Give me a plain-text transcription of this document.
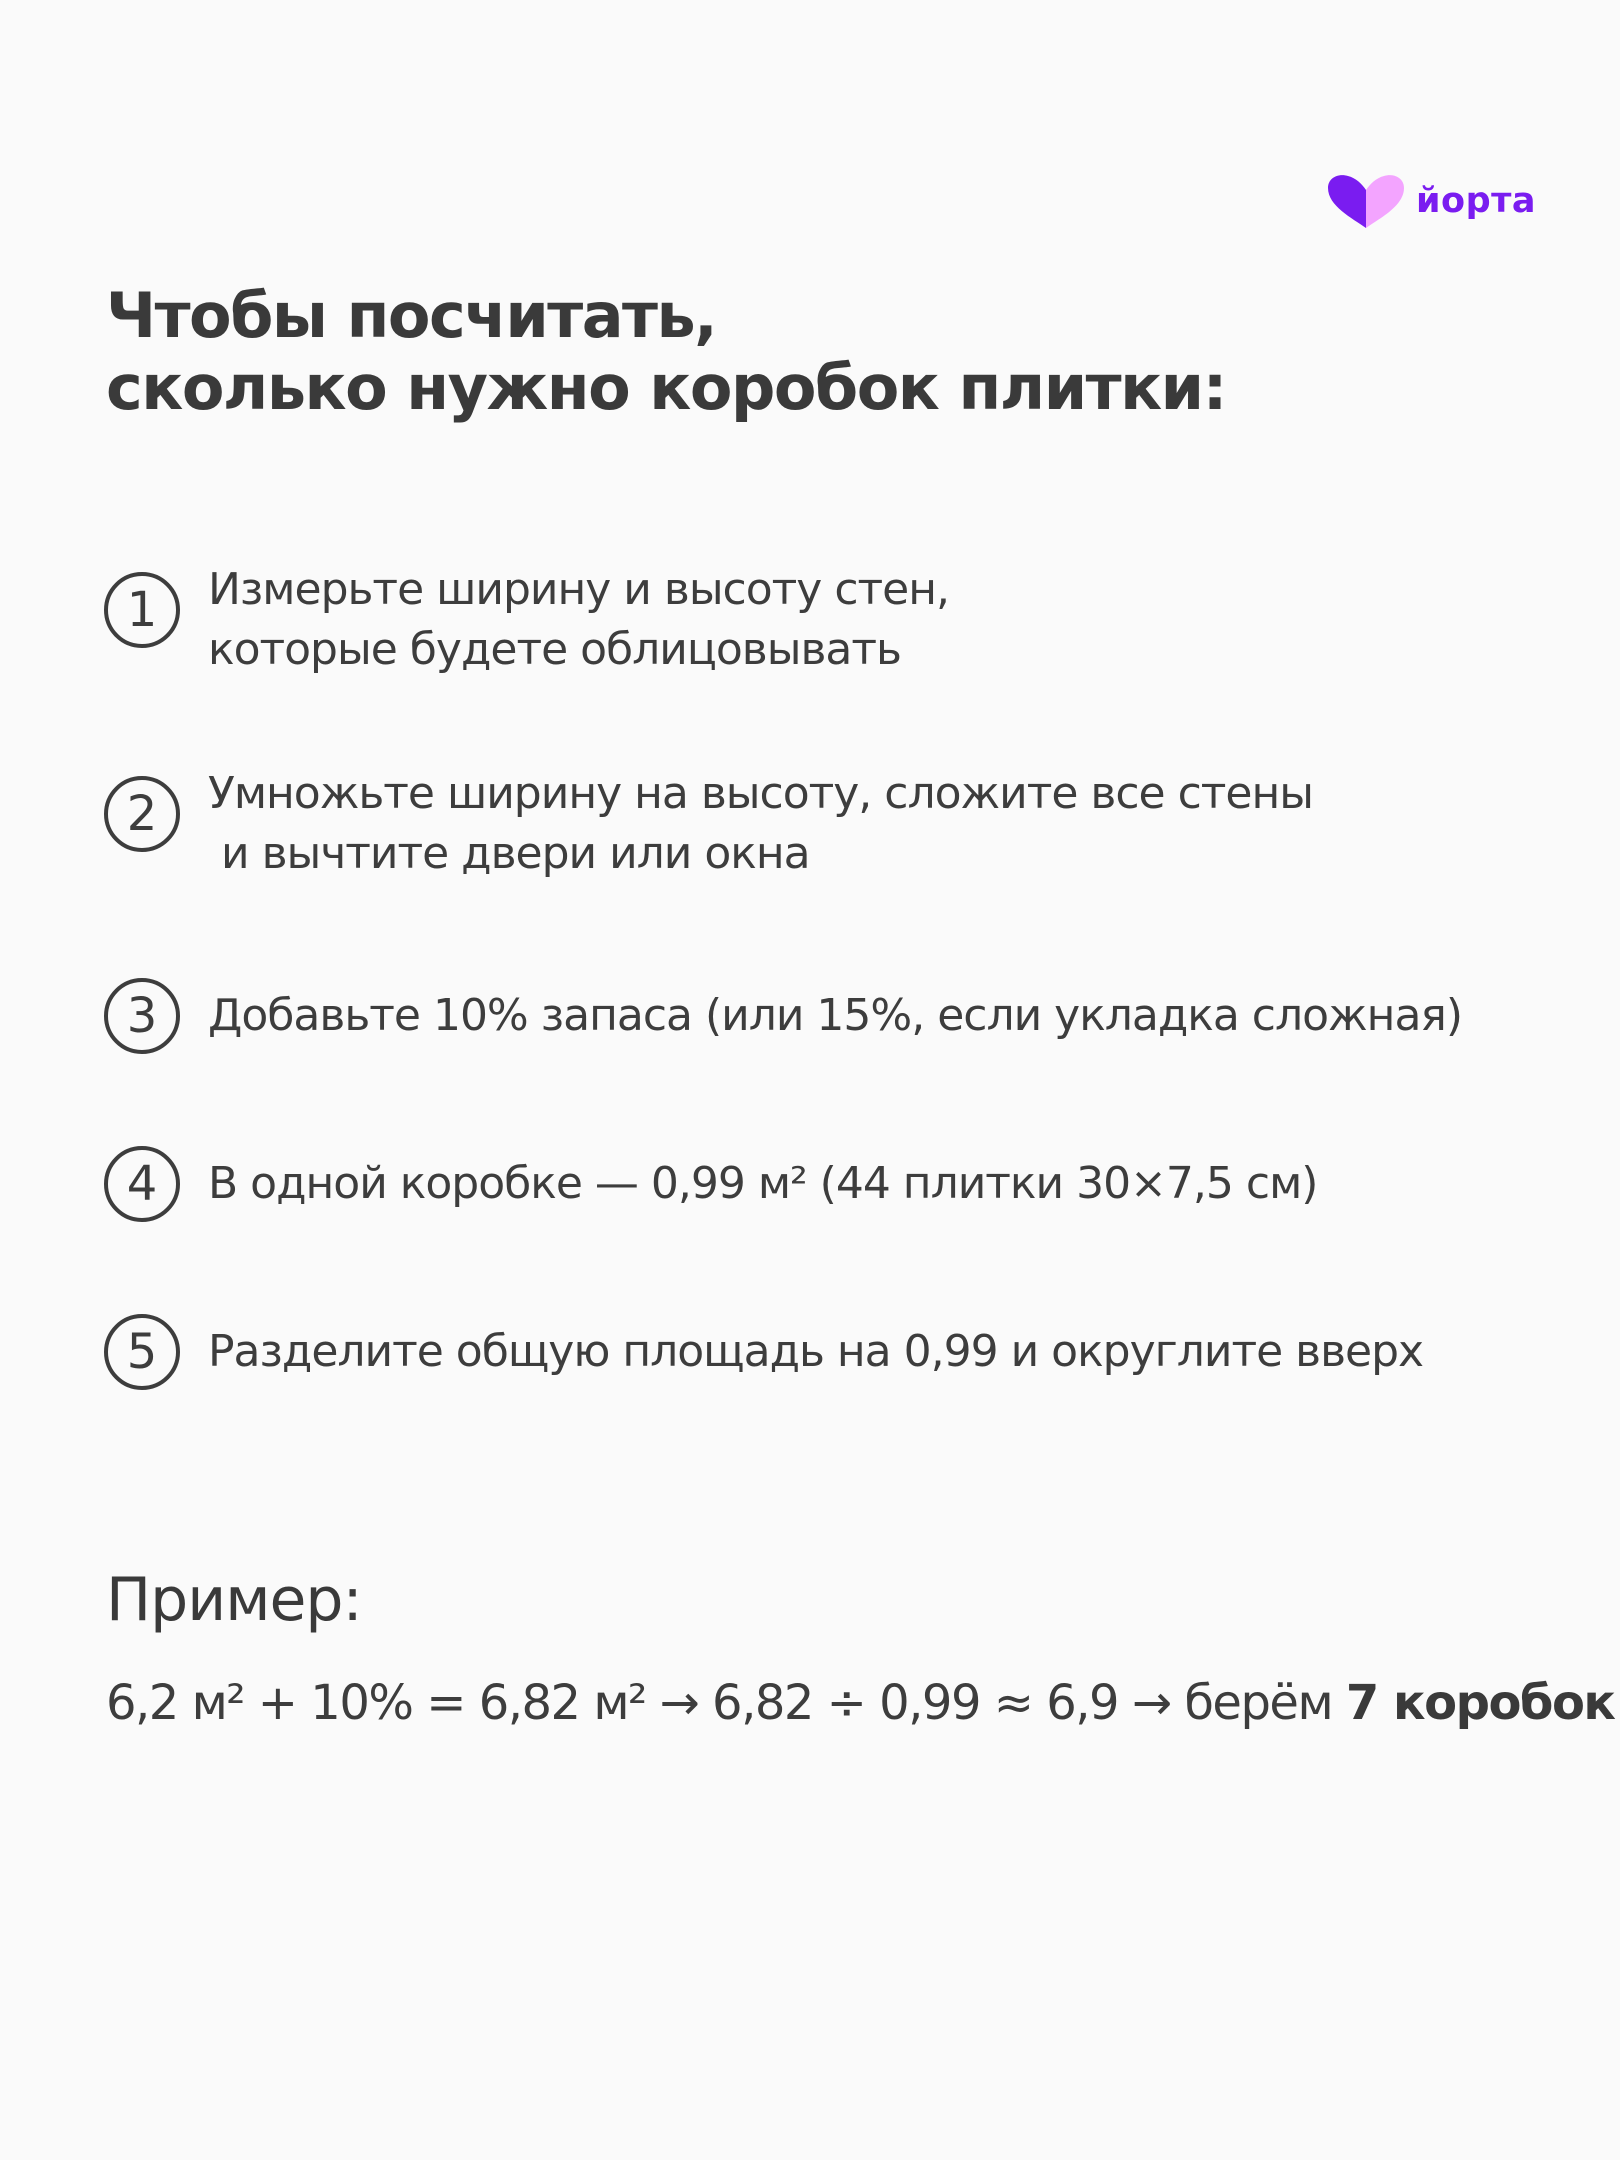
йорта
Чтобы посчитать,
сколько нужно коробок плитки:
1	Измерьте ширину и высоту стен,
которые будете облицовывать
2	Умножьте ширину на высоту, сложите все стены
и вычтите двери или окна
3	Добавьте 10% запаса (или 15%, если укладка сложная)
4	В одной коробке — 0,99 м² (44 плитки 30×7,5 см)
5	Разделите общую площадь на 0,99 и округлите вверх
Пример:
6,2 м² + 10% = 6,82 м² → 6,82 ÷ 0,99 ≈ 6,9 → берём 7 коробок
